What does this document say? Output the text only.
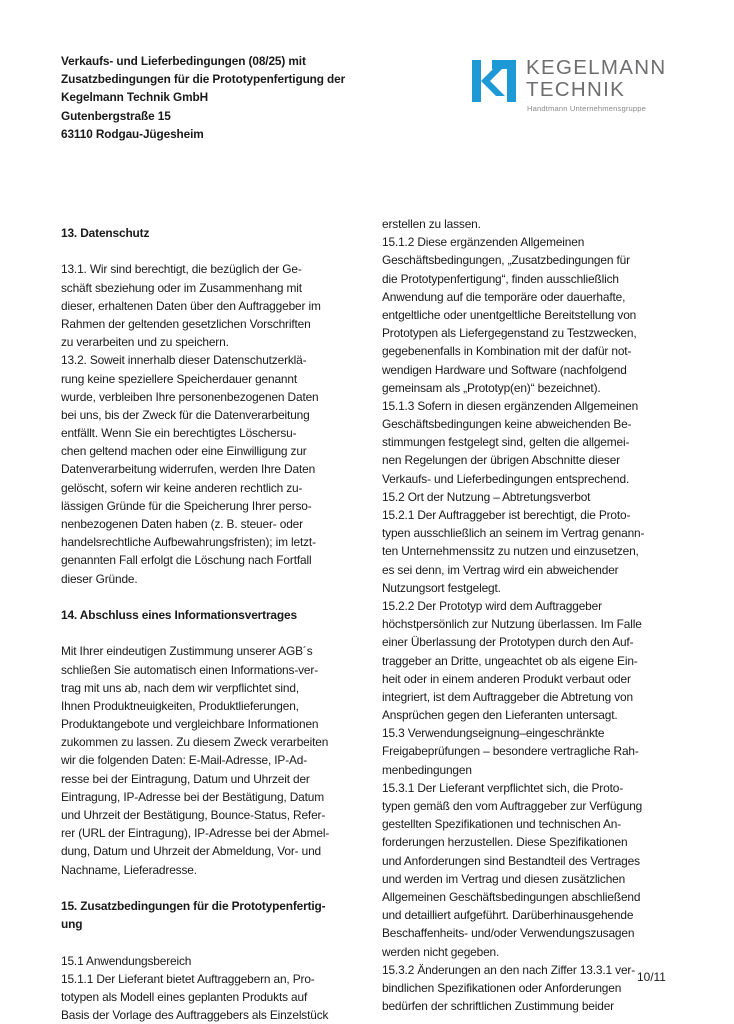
Verkaufs- und Lieferbedingungen (08/25) mit
Zusatzbedingungen für die Prototypenfertigung der
Kegelmann Technik GmbH
Gutenbergstraße 15
63110 Rodgau-Jügesheim
KEGELMANN
TECHNIK
Handtmann Unternehmensgruppe
13. Datenschutz
13.1. Wir sind berechtigt, die bezüglich der Ge-
schäft sbeziehung oder im Zusammenhang mit
dieser, erhaltenen Daten über den Auftraggeber im
Rahmen der geltenden gesetzlichen Vorschriften
zu verarbeiten und zu speichern.
13.2. Soweit innerhalb dieser Datenschutzerklä-
rung keine speziellere Speicherdauer genannt
wurde, verbleiben Ihre personenbezogenen Daten
bei uns, bis der Zweck für die Datenverarbeitung
entfällt. Wenn Sie ein berechtigtes Löschersu-
chen geltend machen oder eine Einwilligung zur
Datenverarbeitung widerrufen, werden Ihre Daten
gelöscht, sofern wir keine anderen rechtlich zu-
lässigen Gründe für die Speicherung Ihrer perso-
nenbezogenen Daten haben (z. B. steuer- oder
handelsrechtliche Aufbewahrungsfristen); im letzt-
genannten Fall erfolgt die Löschung nach Fortfall
dieser Gründe.
14. Abschluss eines Informationsvertrages
Mit Ihrer eindeutigen Zustimmung unserer AGB´s
schließen Sie automatisch einen Informations-ver-
trag mit uns ab, nach dem wir verpflichtet sind,
Ihnen Produktneuigkeiten, Produktlieferungen,
Produktangebote und vergleichbare Informationen
zukommen zu lassen. Zu diesem Zweck verarbeiten
wir die folgenden Daten: E-Mail-Adresse, IP-Ad-
resse bei der Eintragung, Datum und Uhrzeit der
Eintragung, IP-Adresse bei der Bestätigung, Datum
und Uhrzeit der Bestätigung, Bounce-Status, Refer-
rer (URL der Eintragung), IP-Adresse bei der Abmel-
dung, Datum und Uhrzeit der Abmeldung, Vor- und
Nachname, Lieferadresse.
15. Zusatzbedingungen für die Prototypenfertig-
ung
15.1 Anwendungsbereich
15.1.1 Der Lieferant bietet Auftraggebern an, Pro-
totypen als Modell eines geplanten Produkts auf
Basis der Vorlage des Auftraggebers als Einzelstück
erstellen zu lassen.
15.1.2 Diese ergänzenden Allgemeinen
Geschäftsbedingungen, „Zusatzbedingungen für
die Prototypenfertigung“, finden ausschließlich
Anwendung auf die temporäre oder dauerhafte,
entgeltliche oder unentgeltliche Bereitstellung von
Prototypen als Liefergegenstand zu Testzwecken,
gegebenenfalls in Kombination mit der dafür not-
wendigen Hardware und Software (nachfolgend
gemeinsam als „Prototyp(en)“ bezeichnet).
15.1.3 Sofern in diesen ergänzenden Allgemeinen
Geschäftsbedingungen keine abweichenden Be-
stimmungen festgelegt sind, gelten die allgemei-
nen Regelungen der übrigen Abschnitte dieser
Verkaufs- und Lieferbedingungen entsprechend.
15.2 Ort der Nutzung – Abtretungsverbot
15.2.1 Der Auftraggeber ist berechtigt, die Proto-
typen ausschließlich an seinem im Vertrag genann-
ten Unternehmenssitz zu nutzen und einzusetzen,
es sei denn, im Vertrag wird ein abweichender
Nutzungsort festgelegt.
15.2.2 Der Prototyp wird dem Auftraggeber
höchstpersönlich zur Nutzung überlassen. Im Falle
einer Überlassung der Prototypen durch den Auf-
traggeber an Dritte, ungeachtet ob als eigene Ein-
heit oder in einem anderen Produkt verbaut oder
integriert, ist dem Auftraggeber die Abtretung von
Ansprüchen gegen den Lieferanten untersagt.
15.3 Verwendungseignung–eingeschränkte
Freigabeprüfungen – besondere vertragliche Rah-
menbedingungen
15.3.1 Der Lieferant verpflichtet sich, die Proto-
typen gemäß den vom Auftraggeber zur Verfügung
gestellten Spezifikationen und technischen An-
forderungen herzustellen. Diese Spezifikationen
und Anforderungen sind Bestandteil des Vertrages
und werden im Vertrag und diesen zusätzlichen
Allgemeinen Geschäftsbedingungen abschließend
und detailliert aufgeführt. Darüberhinausgehende
Beschaffenheits- und/oder Verwendungszusagen
werden nicht gegeben.
15.3.2 Änderungen an den nach Ziffer 13.3.1 ver-
bindlichen Spezifikationen oder Anforderungen
bedürfen der schriftlichen Zustimmung beider
10/11
